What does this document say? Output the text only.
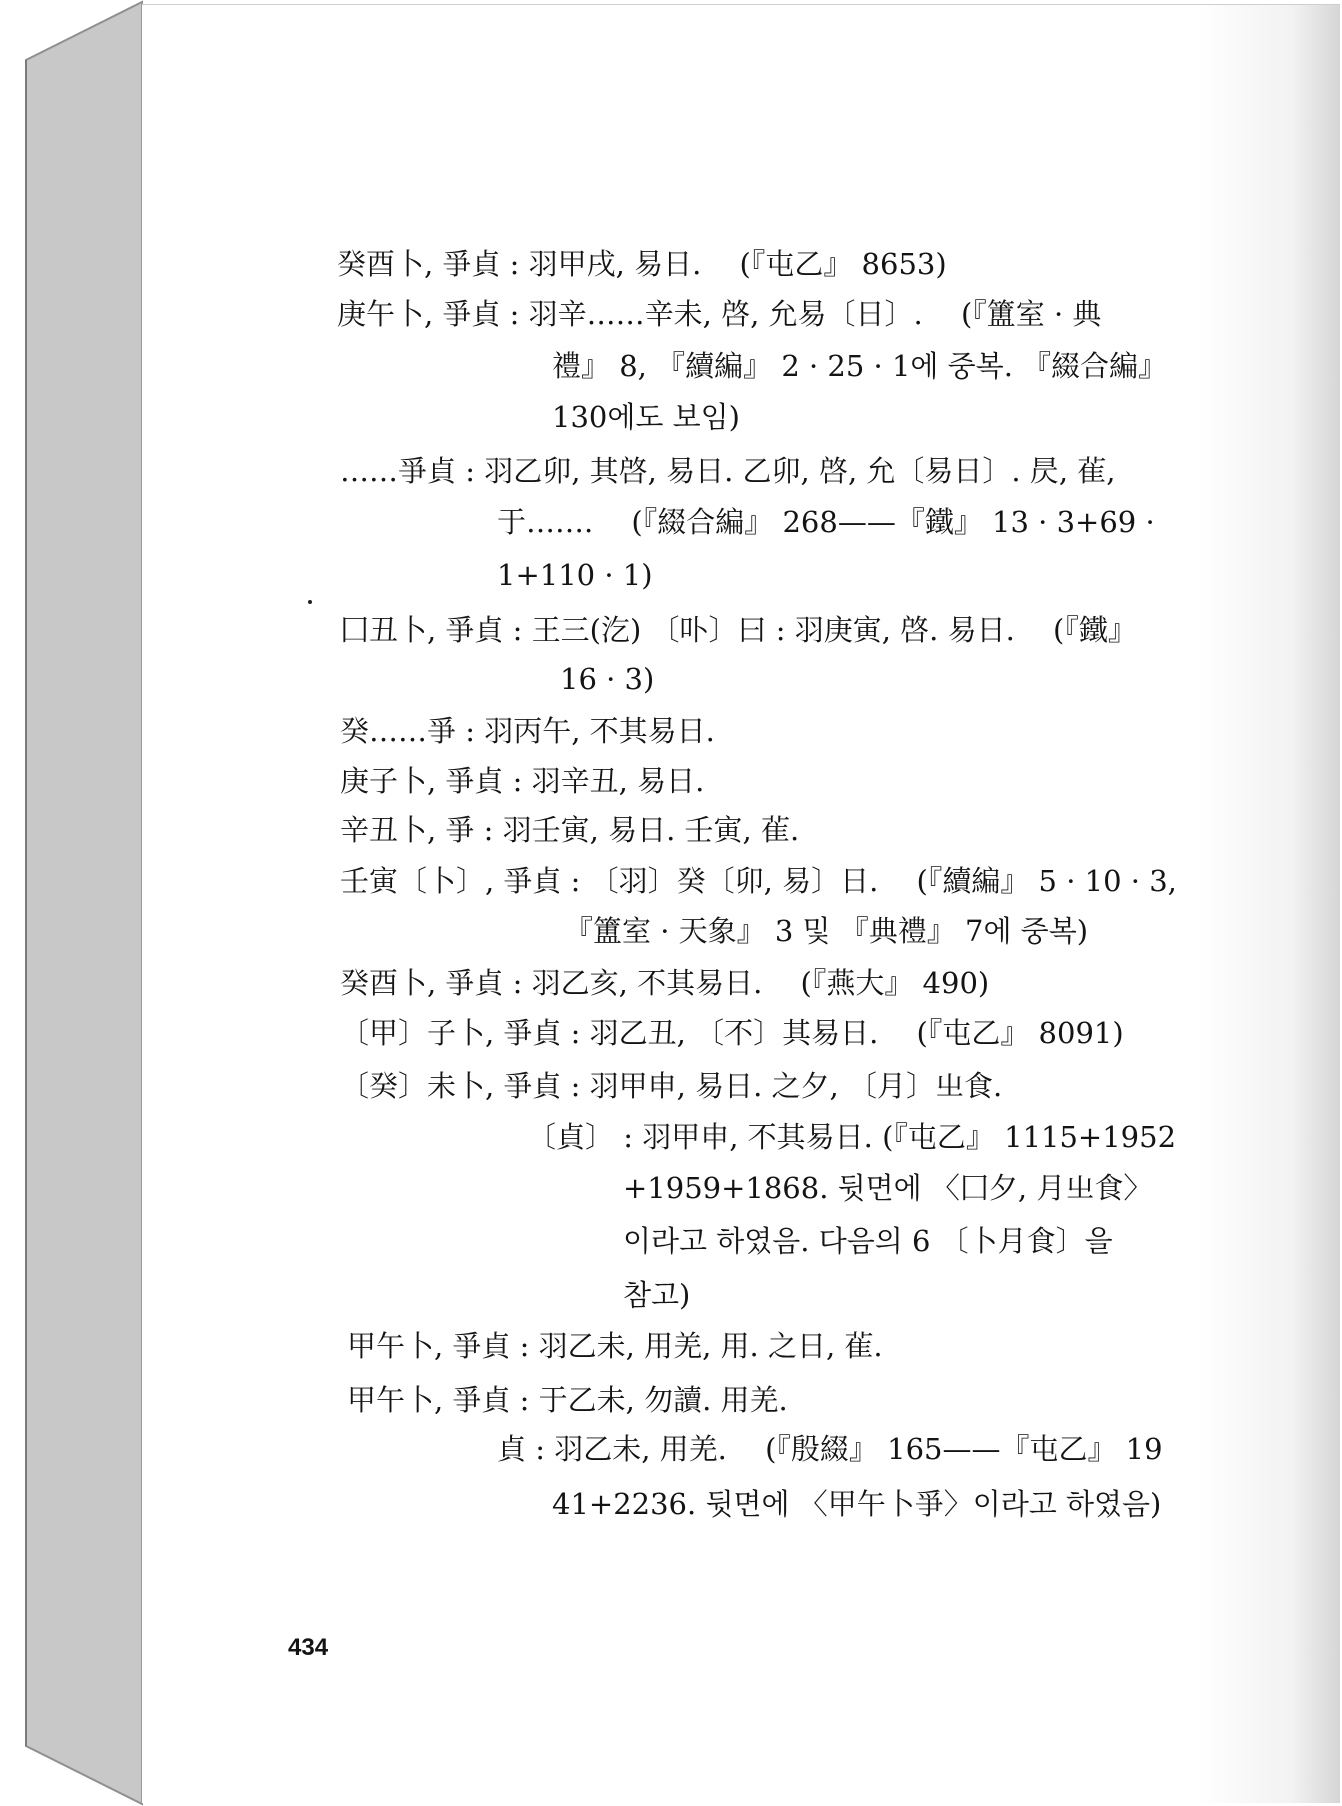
癸酉卜, 爭貞 : 羽甲戌, 易日.　 (『屯乙』 8653)
庚午卜, 爭貞 : 羽辛……辛未, 啓, 允易〔日〕.　 (『簠室 · 典
禮』 8, 『續編』 2 · 25 · 1에 중복. 『綴合編』
130에도 보임)
……爭貞 : 羽乙卯, 其啓, 易日. 乙卯, 啓, 允〔易日〕. 昃, 雈,
于…….　 (『綴合編』 268——『鐵』 13 · 3+69 ·
1+110 · 1)
囗丑卜, 爭貞 : 王三(汔) 〔卟〕曰 : 羽庚寅, 啓. 易日.　 (『鐵』
16 · 3)
癸……爭 : 羽丙午, 不其易日.
庚子卜, 爭貞 : 羽辛丑, 易日.
辛丑卜, 爭 : 羽壬寅, 易日. 壬寅, 雈.
壬寅〔卜〕, 爭貞 : 〔羽〕癸〔卯, 易〕日.　 (『續編』 5 · 10 · 3,
『簠室 · 天象』 3 및 『典禮』 7에 중복)
癸酉卜, 爭貞 : 羽乙亥, 不其易日.　 (『燕大』 490)
〔甲〕子卜, 爭貞 : 羽乙丑, 〔不〕其易日.　 (『屯乙』 8091)
〔癸〕未卜, 爭貞 : 羽甲申, 易日. 之夕, 〔月〕㞢食.
〔貞〕 : 羽甲申, 不其易日. (『屯乙』 1115+1952
+1959+1868. 뒷면에 〈囗夕, 月㞢食〉
이라고 하였음. 다음의 6 〔卜月食〕을
참고)
甲午卜, 爭貞 : 羽乙未, 用羌, 用. 之日, 雈.
甲午卜, 爭貞 : 于乙未, 勿讀. 用羌.
貞 : 羽乙未, 用羌.　 (『殷綴』 165——『屯乙』 19
41+2236. 뒷면에 〈甲午卜爭〉이라고 하였음)
434
